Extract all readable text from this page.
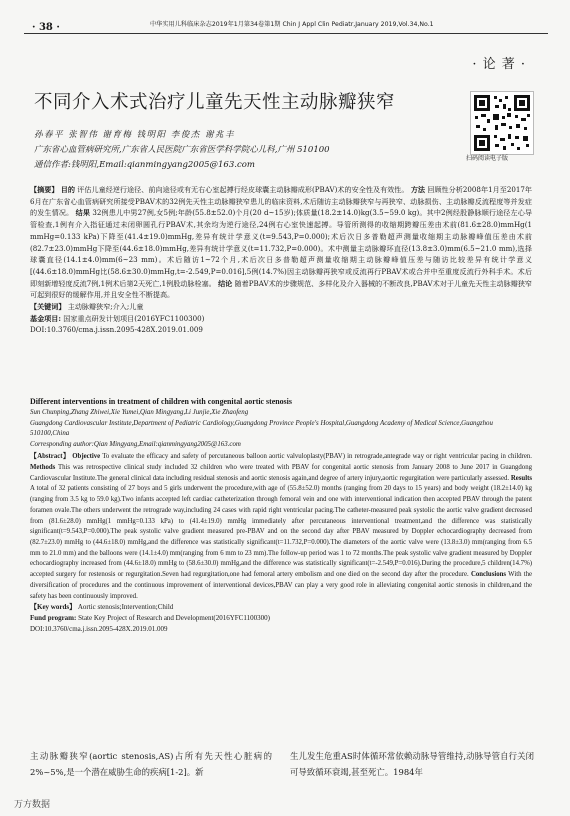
· 38 ·	中华实用儿科临床杂志2019年1月第34卷第1期 Chin J Appl Clin Pediatr,January 2019,Vol.34,No.1
· 论 著 ·
不同介入术式治疗儿童先天性主动脉瓣狭窄
孙春平 张智伟 谢育梅 钱明阳 李俊杰 谢兆丰
广东省心血管病研究所,广东省人民医院广东省医学科学院心儿科,广州 510100
通信作者:钱明阳,Email:qianmingyang2005@163.com
扫码阅读电子版
【摘要】 目的 评估儿童经逆行途径、前向途径或有无右心室起搏行经皮球囊主动脉瓣成形(PBAV)术的安全性及有效性。 方法 回顾性分析2008年1月至2017年6月在广东省心血管病研究所接受PBAV术的32例先天性主动脉瓣狭窄患儿的临床资料,术后随访主动脉瓣狭窄与再狭窄、动脉损伤、主动脉瓣反流程度等并发症的发生情况。 结果 32例患儿中男27例,女5例;年龄(55.8±52.0)个月(20 d~15岁);体质量(18.2±14.0)kg(3.5~59.0 kg)。其中2例经股静脉顺行途径左心导管检查,1例有介入指征通过未闭卵圆孔行PBAV术,其余均为逆行途径,24例右心室快速起搏。导管所测得的收缩期跨瓣压差由术前(81.6±28.0)mmHg(1 mmHg=0.133 kPa)下降至(41.4±19.0)mmHg,差异有统计学意义(t=9.543,P=0.000);术后次日多普勒超声测量收缩期主动脉瓣峰值压差由术前(82.7±23.0)mmHg下降至(44.6±18.0)mmHg,差异有统计学意义(t=11.732,P=0.000)。术中测量主动脉瓣环直径(13.8±3.0)mm(6.5~21.0 mm),选择球囊直径(14.1±4.0)mm(6~23 mm)。术后随访1~72个月,术后次日多普勒超声测量收缩期主动脉瓣峰值压差与随访比较差异有统计学意义[(44.6±18.0)mmHg比(58.6±30.0)mmHg,t=-2.549,P=0.016],5例(14.7%)因主动脉瓣再狭窄或反流再行PBAV术或合并中至重度反流行外科手术。术后即刻新增轻度反流7例,1例术后第2天死亡,1例股动脉栓塞。 结论 随着PBAV术的步骤规范、多样化及介入器械的不断改良,PBAV术对于儿童先天性主动脉瓣狭窄可起到很好的缓解作用,并且安全性不断提高。
【关键词】 主动脉瓣狭窄;介入;儿童
基金项目: 国家重点研发计划项目(2016YFC1100300)
DOI:10.3760/cma.j.issn.2095-428X.2019.01.009
Different interventions in treatment of children with congenital aortic stenosis
Sun Chunping,Zhang Zhiwei,Xie Yumei,Qian Mingyang,Li Junjie,Xie Zhaofeng
Guangdong Cardiovascular Institute,Department of Pediatric Cardiology,Guangdong Province People's Hospital,Guangdong Academy of Medical Science,Guangzhou 510100,China
Corresponding author:Qian Mingyang,Email:qianmingyang2005@163.com
【Abstract】 Objective To evaluate the efficacy and safety of percutaneous balloon aortic valvuloplasty(PBAV) in retrograde,antegrade way or right ventricular pacing in children. Methods This was retrospective clinical study included 32 children who were treated with PBAV for congenital aortic stenosis from January 2008 to June 2017 in Guangdong Cardiovascular Institute.The general clinical data including residual stenosis and aortic stenosis again,and degree of artery injury,aortic regurgitation were particularly assessed. Results A total of 32 patients consisting of 27 boys and 5 girls underwent the procedure,with age of (55.8±52.0) months (ranging from 20 days to 15 years) and body weight (18.2±14.0) kg (ranging from 3.5 kg to 59.0 kg).Two infants accepted left cardiac catheterization through femoral vein and one with interventional indication then accepted PBAV through the patent foramen ovale.The others underwent the retrograde way,including 24 cases with rapid right ventricular pacing.The catheter-measured peak systolic the aortic valve gradient decreased from (81.6±28.0) mmHg(1 mmHg=0.133 kPa) to (41.4±19.0) mmHg immediately after percutaneous interventional treatment,and the difference was statistically significant(t=9.543,P=0.000).The peak systolic valve gradient measured pre-PBAV and on the second day after PBAV measured by Doppler echocardiography decreased from (82.7±23.0) mmHg to (44.6±18.0) mmHg,and the difference was statistically significant(t=11.732,P=0.000).The diameters of the aortic valve were (13.8±3.0) mm(ranging from 6.5 mm to 21.0 mm) and the balloons were (14.1±4.0) mm(ranging from 6 mm to 23 mm).The follow-up period was 1 to 72 months.The peak systolic valve gradient measured by Doppler echocardiography increased from (44.6±18.0) mmHg to (58.6±30.0) mmHg,and the difference was statistically significant(t=-2.549,P=0.016).During the procedure,5 children(14.7%) accepted surgery for restenosis or regurgitation.Seven had regurgitation,one had femoral artery embolism and one died on the second day after the procedure. Conclusions With the diversification of procedures and the continuous improvement of interventional devices,PBAV can play a very good role in alleviating congenital aortic stenosis in children,and the safety has been continuously improved.
【Key words】 Aortic stenosis;Intervention;Child
Fund program: State Key Project of Research and Development(2016YFC1100300)
DOI:10.3760/cma.j.issn.2095-428X.2019.01.009
主动脉瓣狭窄(aortic stenosis,AS)占所有先天性心脏病的2%~5%,是一个潜在威胁生命的疾病[1-2]。新
生儿发生危重AS时体循环常依赖动脉导管维持,动脉导管自行关闭可导致循环衰竭,甚至死亡。1984年
万方数据
